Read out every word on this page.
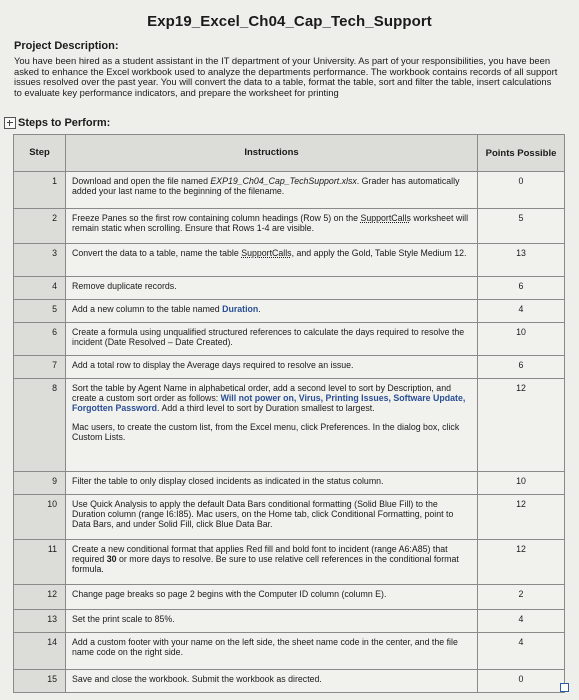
Exp19_Excel_Ch04_Cap_Tech_Support
Project Description:
You have been hired as a student assistant in the IT department of your University. As part of your responsibilities, you have been asked to enhance the Excel workbook used to analyze the departments performance. The workbook contains records of all support issues resolved over the past year. You will convert the data to a table, format the table, sort and filter the table, insert calculations to evaluate key performance indicators, and prepare the worksheet for printing
Steps to Perform:
Step	Instructions	Points Possible
1	Download and open the file named EXP19_Ch04_Cap_TechSupport.xlsx. Grader has automatically added your last name to the beginning of the filename.	0
2	Freeze Panes so the first row containing column headings (Row 5) on the SupportCalls worksheet will remain static when scrolling. Ensure that Rows 1-4 are visible.	5
3	Convert the data to a table, name the table SupportCalls, and apply the Gold, Table Style Medium 12.	13
4	Remove duplicate records.	6
5	Add a new column to the table named Duration.	4
6	Create a formula using unqualified structured references to calculate the days required to resolve the incident (Date Resolved – Date Created).	10
7	Add a total row to display the Average days required to resolve an issue.	6
8	Sort the table by Agent Name in alphabetical order, add a second level to sort by Description, and create a custom sort order as follows: Will not power on, Virus, Printing Issues, Software Update, Forgotten Password. Add a third level to sort by Duration smallest to largest.
Mac users, to create the custom list, from the Excel menu, click Preferences. In the dialog box, click Custom Lists.	12
9	Filter the table to only display closed incidents as indicated in the status column.	10
10	Use Quick Analysis to apply the default Data Bars conditional formatting (Solid Blue Fill) to the Duration column (range I6:I85). Mac users, on the Home tab, click Conditional Formatting, point to Data Bars, and under Solid Fill, click Blue Data Bar.	12
11	Create a new conditional format that applies Red fill and bold font to incident (range A6:A85) that required 30 or more days to resolve. Be sure to use relative cell references in the conditional format formula.	12
12	Change page breaks so page 2 begins with the Computer ID column (column E).	2
13	Set the print scale to 85%.	4
14	Add a custom footer with your name on the left side, the sheet name code in the center, and the file name code on the right side.	4
15	Save and close the workbook. Submit the workbook as directed.	0
